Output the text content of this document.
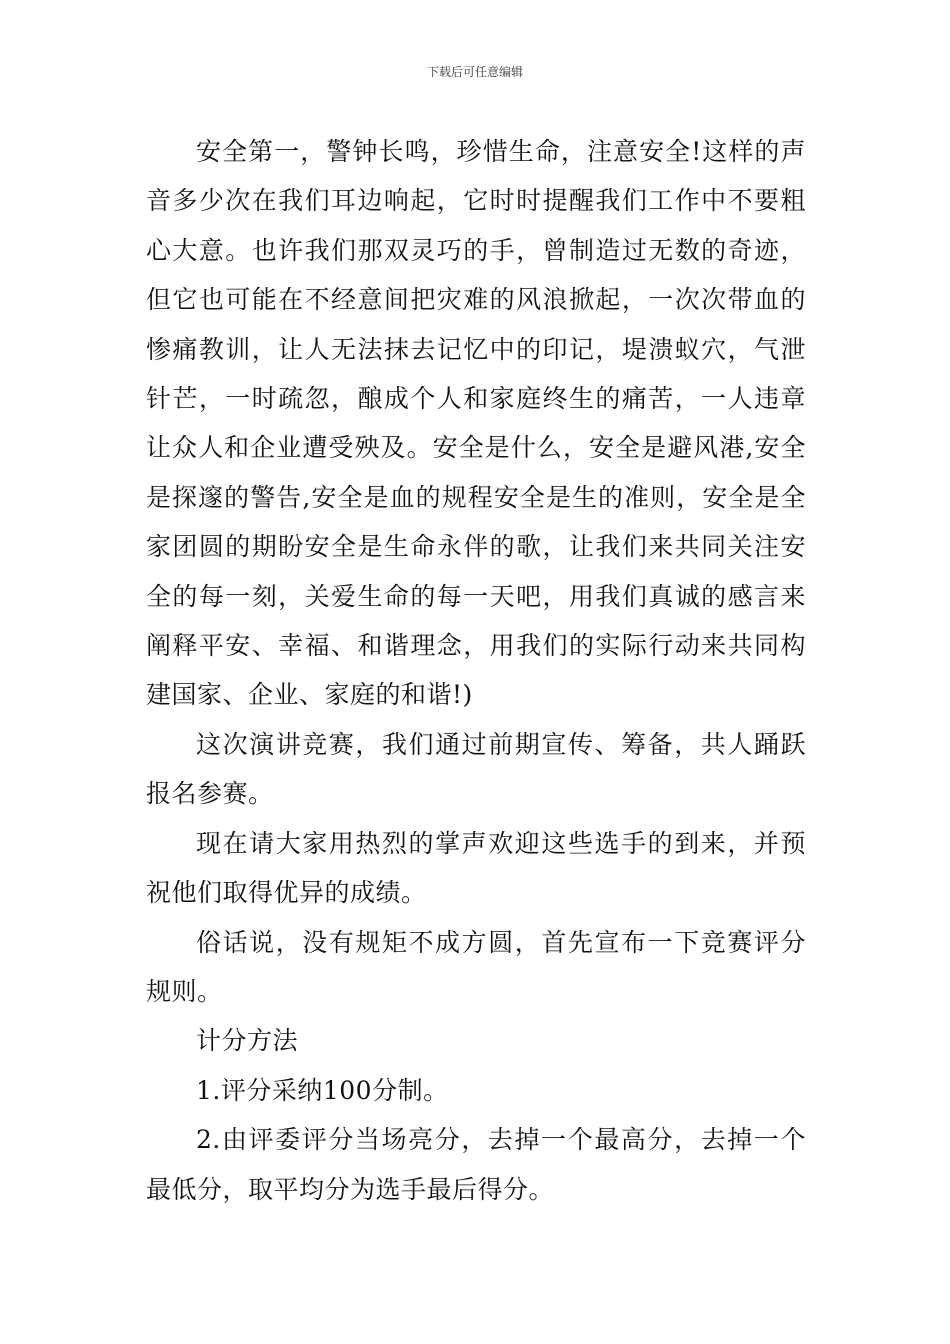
下载后可任意编辑

安全第一，警钟长鸣，珍惜生命，注意安全!这样的声音多少次在我们耳边响起，它时时提醒我们工作中不要粗心大意。也许我们那双灵巧的手，曾制造过无数的奇迹，但它也可能在不经意间把灾难的风浪掀起，一次次带血的惨痛教训，让人无法抹去记忆中的印记，堤溃蚁穴，气泄针芒，一时疏忽，酿成个人和家庭终生的痛苦，一人违章让众人和企业遭受殃及。安全是什么，安全是避风港,安全是探邃的警告,安全是血的规程安全是生的准则，安全是全家团圆的期盼安全是生命永伴的歌，让我们来共同关注安全的每一刻，关爱生命的每一天吧，用我们真诚的感言来阐释平安、幸福、和谐理念，用我们的实际行动来共同构建国家、企业、家庭的和谐!)

这次演讲竞赛，我们通过前期宣传、筹备，共人踊跃报名参赛。

现在请大家用热烈的掌声欢迎这些选手的到来，并预祝他们取得优异的成绩。

俗话说，没有规矩不成方圆，首先宣布一下竞赛评分规则。

计分方法

1.评分采纳100分制。

2.由评委评分当场亮分，去掉一个最高分，去掉一个最低分，取平均分为选手最后得分。
